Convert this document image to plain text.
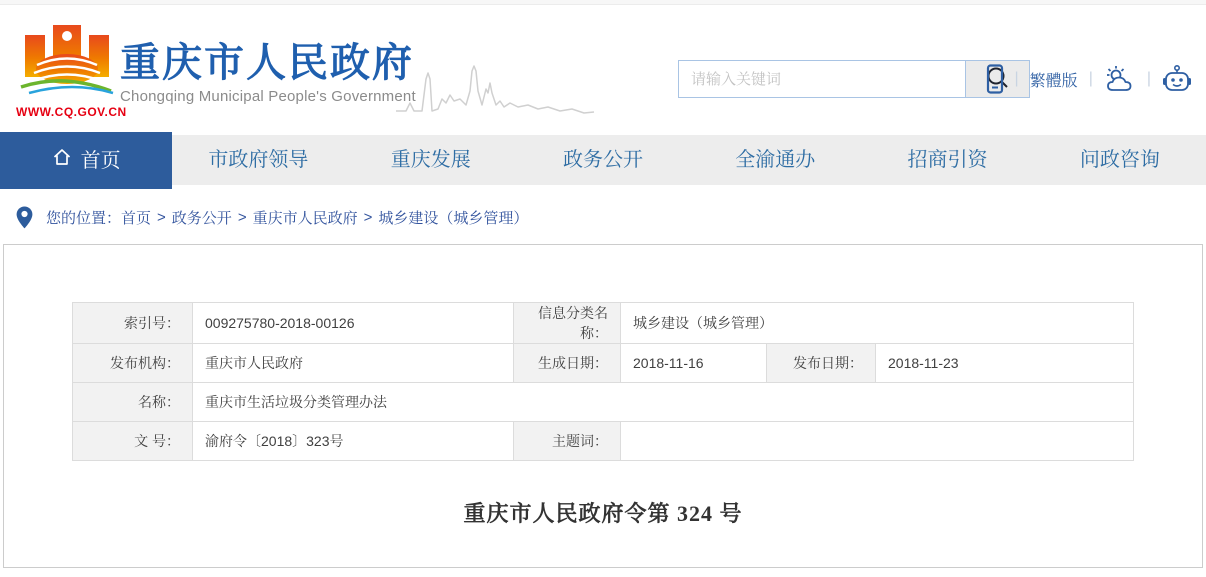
WWW.CQ.GOV.CN
重庆市人民政府
Chongqing Municipal People's Government
请输入关键词
| 繁體版 |	|
首页	市政府领导	重庆发展	政务公开	全渝通办	招商引资	问政咨询
您的位置： 首页 > 政务公开 > 重庆市人民政府 > 城乡建设（城乡管理）
索引号：	009275780-2018-00126	信息分类名称：	城乡建设（城乡管理）		
发布机构：	重庆市人民政府	生成日期：	2018-11-16	发布日期：	2018-11-23
名称：	重庆市生活垃圾分类管理办法				
文 号：	渝府令〔2018〕323号	主题词：			
重庆市人民政府令第 324 号
